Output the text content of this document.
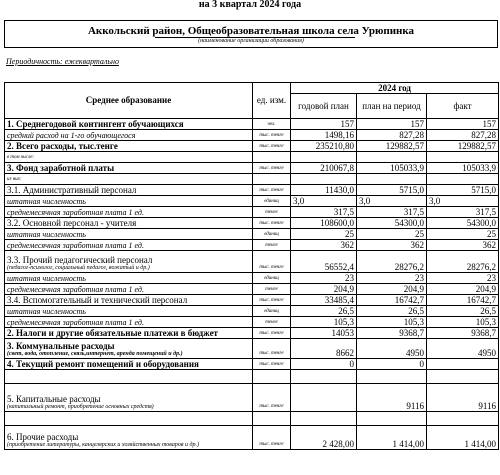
на 3 квартал 2024 года
Аккольский район, Общеобразовательная школа села Урюпинка
(наименование организации образования)
Периодичность: ежеквартально
Среднее образование	ед. изм.	2024 год		
		годовой план	план на период	факт
1. Среднегодовой контингент обучающихся	чел.	157	157	157
средний расход на 1-го обучающегося	тыс. тенге	1498,16	827,28	827,28
2. Всего расходы, тыс.тенге	тыс. тенге	235210,80	129882,57	129882,57
в том числе:				
3. Фонд заработной платы	тыс. тенге	210067,8	105033,9	105033,9
из них:				
3.1. Административный персонал	тыс. тенге	11430,0	5715,0	5715,0
штатная численность	единиц	3,0	3,0	3,0
среднемесячная заработная плата 1 ед.	тенге	317,5	317,5	317,5
3.2. Основной персонал - учителя	тыс. тенге	108600,0	54300,0	54300,0
штатная численность	единиц	25	25	25
среднемесячная заработная плата 1 ед.	тенге	362	362	362

3.3. Прочий педагогический персонал
(педагог-психолог, социальный педагог, вожатый и др.)	тыс. тенге	56552,4	28276,2	28276,2
штатная численность	единиц	23	23	23
среднемесячная заработная плата 1 ед.	тенге	204,9	204,9	204,9
3.4. Вспомогательный и технический персонал	тыс. тенге	33485,4	16742,7	16742,7
штатная численность	единиц	26,5	26,5	26,5
среднемесячная заработная плата 1 ед.	тенге	105,3	105,3	105,3
2. Налоги и другие обязательные платежи в бюджет	тыс. тенге	14053	9368,7	9368,7

3. Коммунальные расходы
(свет, вода, отопление, связь,интернет, аренда помещений и др.)	тыс. тенге	8662	4950	4950
4. Текущий ремонт помещений и оборудования	тыс. тенге	0	0	

5. Капитальные расходы
(капитальный ремонт, приобретение основных средств)	тыс. тенге		9116	9116

6. Прочие расходы
(приобретение литературы, канцелярских и хозяйственных товаров и др.)	тыс. тенге	2 428,00	1 414,00	1 414,00
